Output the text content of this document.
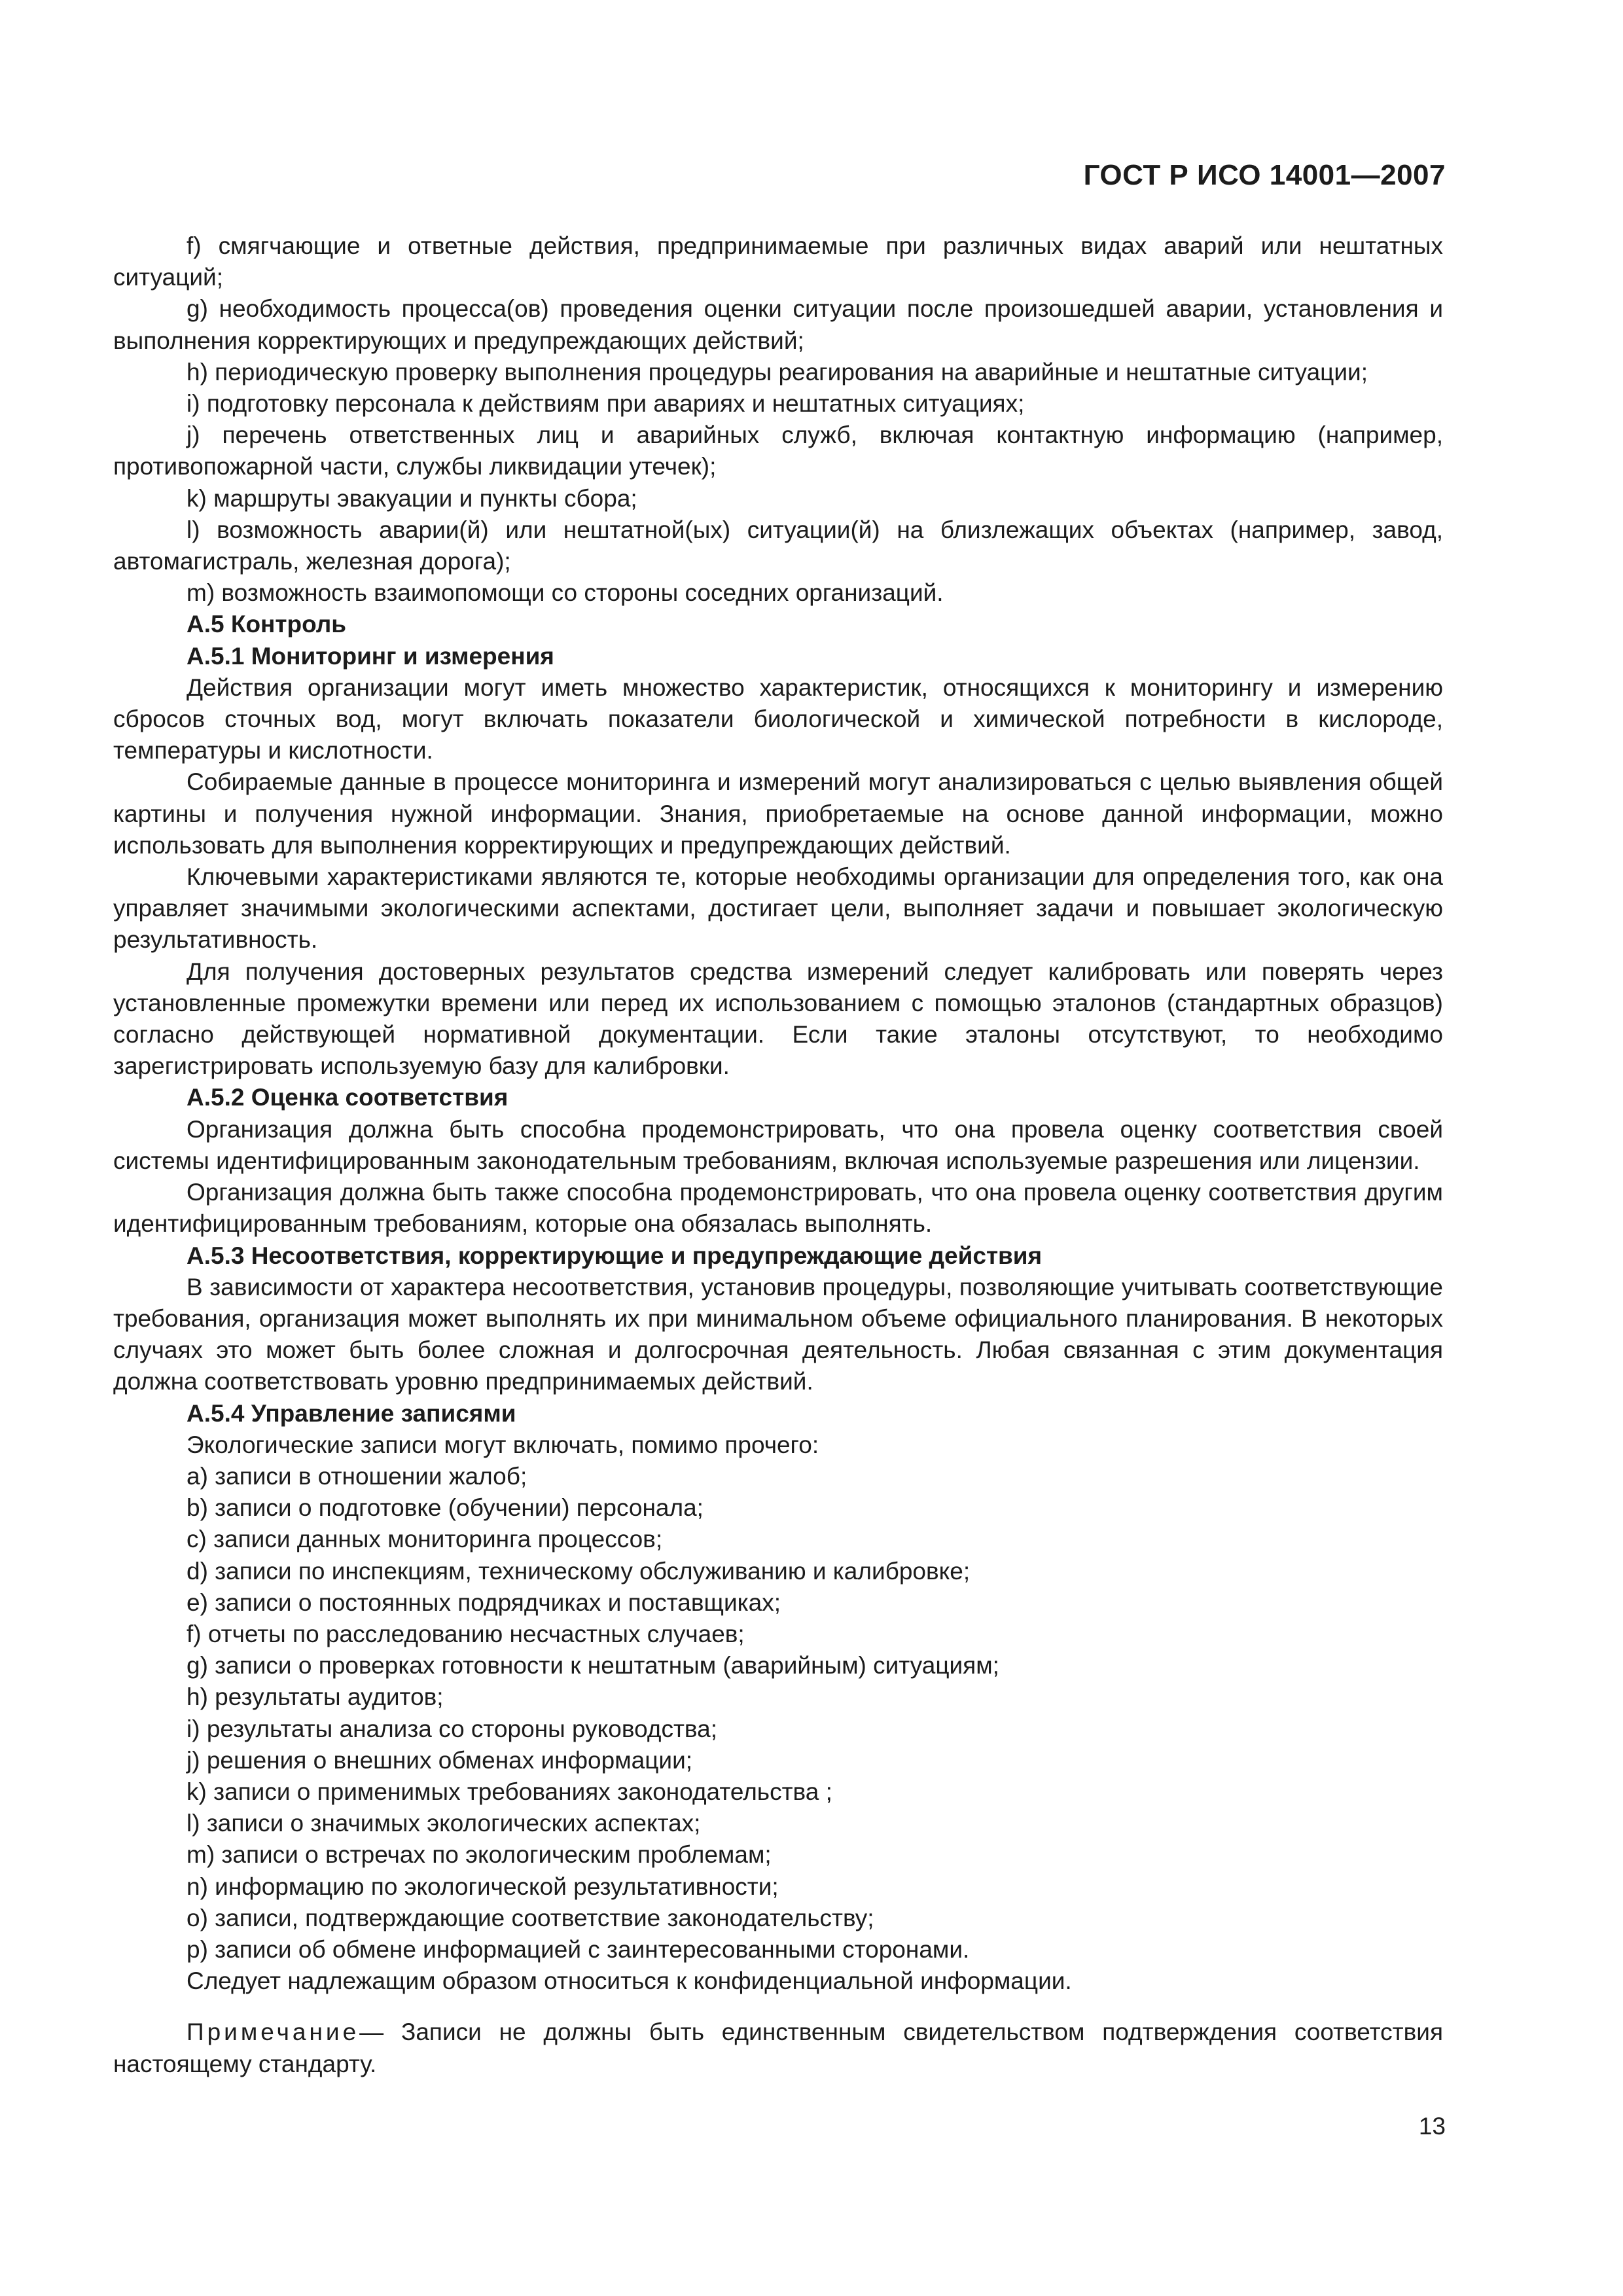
ГОСТ Р ИСО 14001—2007

f) смягчающие и ответные действия, предпринимаемые при различных видах аварий или нештатных ситуаций;

g) необходимость процесса(ов) проведения оценки ситуации после произошедшей аварии, установления и выполнения корректирующих и предупреждающих действий;

h) периодическую проверку выполнения процедуры реагирования на аварийные и нештатные ситуации;

i) подготовку персонала к действиям при авариях и нештатных ситуациях;

j) перечень ответственных лиц и аварийных служб, включая контактную информацию (например, противопожарной части, службы ликвидации утечек);

k) маршруты эвакуации и пункты сбора;

l) возможность аварии(й) или нештатной(ых) ситуации(й) на близлежащих объектах (например, завод, автомагистраль, железная дорога);

m) возможность взаимопомощи со стороны соседних организаций.

А.5 Контроль

А.5.1 Мониторинг и измерения

Действия организации могут иметь множество характеристик, относящихся к мониторингу и измерению сбросов сточных вод, могут включать показатели биологической и химической потребности в кислороде, температуры и кислотности.

Собираемые данные в процессе мониторинга и измерений могут анализироваться с целью выявления общей картины и получения нужной информации. Знания, приобретаемые на основе данной информации, можно использовать для выполнения корректирующих и предупреждающих действий.

Ключевыми характеристиками являются те, которые необходимы организации для определения того, как она управляет значимыми экологическими аспектами, достигает цели, выполняет задачи и повышает экологическую результативность.

Для получения достоверных результатов средства измерений следует калибровать или поверять через установленные промежутки времени или перед их использованием с помощью эталонов (стандартных образцов) согласно действующей нормативной документации. Если такие эталоны отсутствуют, то необходимо зарегистрировать используемую базу для калибровки.

А.5.2 Оценка соответствия

Организация должна быть способна продемонстрировать, что она провела оценку соответствия своей системы идентифицированным законодательным требованиям, включая используемые разрешения или лицензии.

Организация должна быть также способна продемонстрировать, что она провела оценку соответствия другим идентифицированным требованиям, которые она обязалась выполнять.

А.5.3 Несоответствия, корректирующие и предупреждающие действия

В зависимости от характера несоответствия, установив процедуры, позволяющие учитывать соответствующие требования, организация может выполнять их при минимальном объеме официального планирования. В некоторых случаях это может быть более сложная и долгосрочная деятельность. Любая связанная с этим документация должна соответствовать уровню предпринимаемых действий.

А.5.4 Управление записями

Экологические записи могут включать, помимо прочего:

a) записи в отношении жалоб;

b) записи о подготовке (обучении) персонала;

c) записи данных мониторинга процессов;

d) записи по инспекциям, техническому обслуживанию и калибровке;

e) записи о постоянных подрядчиках и поставщиках;

f) отчеты по расследованию несчастных случаев;

g) записи о проверках готовности к нештатным (аварийным) ситуациям;

h) результаты аудитов;

i) результаты анализа со стороны руководства;

j) решения о внешних обменах информации;

k) записи о применимых требованиях законодательства ;

l) записи о значимых экологических аспектах;

m) записи о встречах по экологическим проблемам;

n) информацию по экологической результативности;

o) записи, подтверждающие соответствие законодательству;

p) записи об обмене информацией с заинтересованными сторонами.

Следует надлежащим образом относиться к конфиденциальной информации.

Примечание— Записи не должны быть единственным свидетельством подтверждения соответствия настоящему стандарту.

13
